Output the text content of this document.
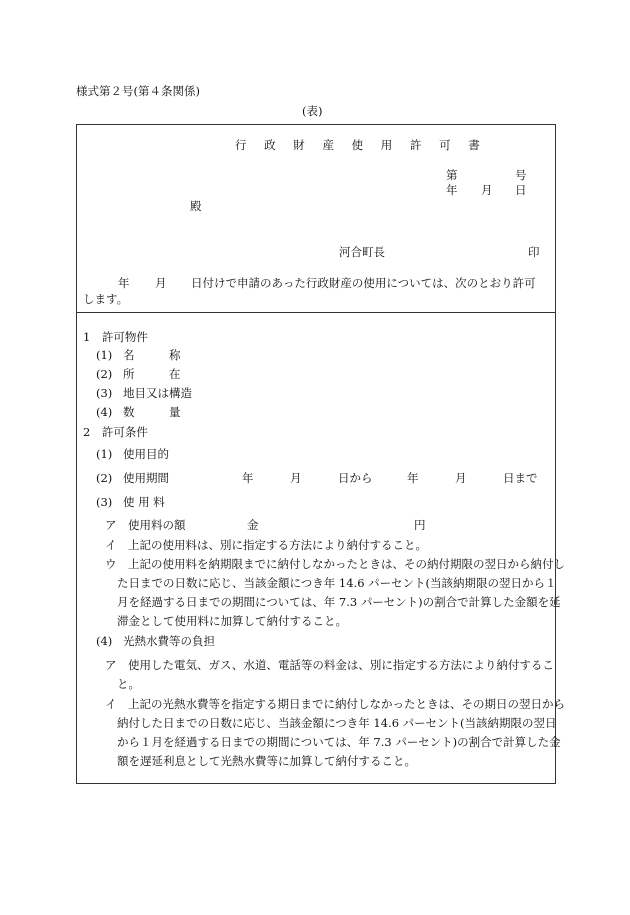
様式第２号(第４条関係)
(表)
行 政 財 産 使 用 許 可 書
第	号
年 月 日
殿
河合町長	印
年 月 日付けで申請のあった行政財産の使用については、次のとおり許可
します。
1　許可物件
(1) 名　　　称
(2) 所　　　在
(3) 地目又は構造
(4) 数　　　量
2　許可条件
(1) 使用目的
(2) 使用期間	年	月	日から	年	月	日まで
(3) 使 用 料
ア　使用料の額	金	円
イ　上記の使用料は、別に指定する方法により納付すること。
ウ　上記の使用料を納期限までに納付しなかったときは、その納付期限の翌日から納付した日までの日数に応じ、当該金額につき年 14.6 パーセント(当該納期限の翌日から１月を経過する日までの期間については、年 7.3 パーセント)の割合で計算した金額を延滞金として使用料に加算して納付すること。
(4) 光熱水費等の負担
ア　使用した電気、ガス、水道、電話等の料金は、別に指定する方法により納付すること。
イ　上記の光熱水費等を指定する期日までに納付しなかったときは、その期日の翌日から納付した日までの日数に応じ、当該金額につき年 14.6 パーセント(当該納期限の翌日から１月を経過する日までの期間については、年 7.3 パーセント)の割合で計算した金額を遅延利息として光熱水費等に加算して納付すること。
